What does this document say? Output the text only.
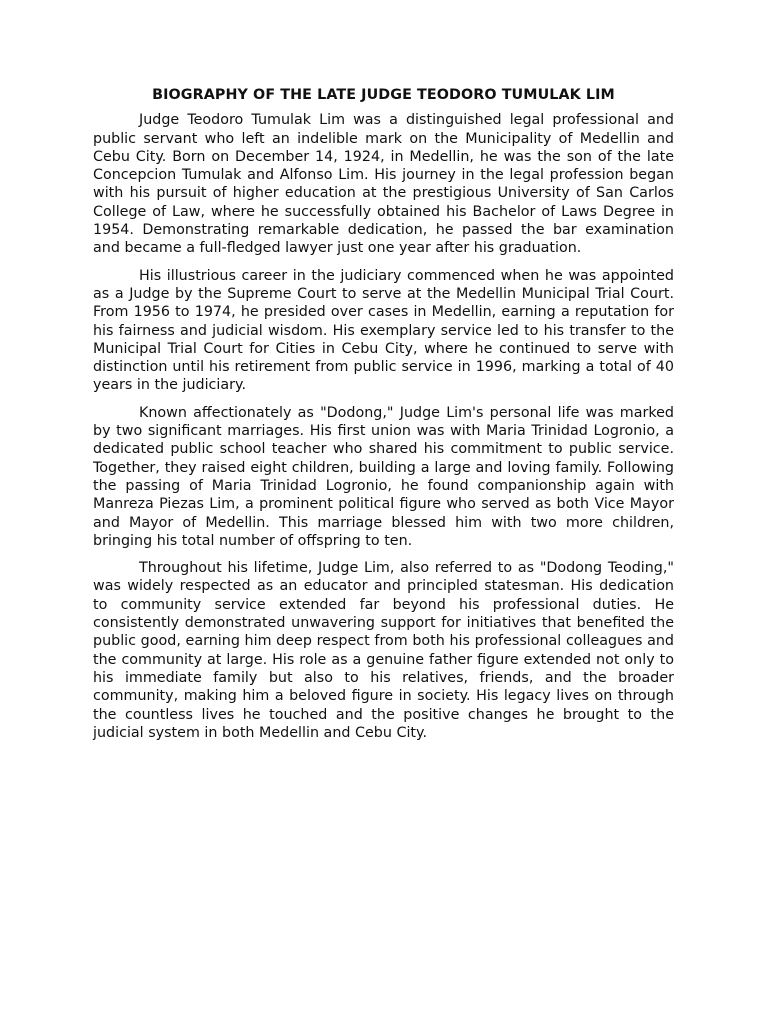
BIOGRAPHY OF THE LATE JUDGE TEODORO TUMULAK LIM

Judge Teodoro Tumulak Lim was a distinguished legal professional and public servant who left an indelible mark on the Municipality of Medellin and Cebu City. Born on December 14, 1924, in Medellin, he was the son of the late Concepcion Tumulak and Alfonso Lim. His journey in the legal profession began with his pursuit of higher education at the prestigious University of San Carlos College of Law, where he successfully obtained his Bachelor of Laws Degree in 1954. Demonstrating remarkable dedication, he passed the bar examination and became a full-fledged lawyer just one year after his graduation.

His illustrious career in the judiciary commenced when he was appointed as a Judge by the Supreme Court to serve at the Medellin Municipal Trial Court. From 1956 to 1974, he presided over cases in Medellin, earning a reputation for his fairness and judicial wisdom. His exemplary service led to his transfer to the Municipal Trial Court for Cities in Cebu City, where he continued to serve with distinction until his retirement from public service in 1996, marking a total of 40 years in the judiciary.

Known affectionately as "Dodong," Judge Lim's personal life was marked by two significant marriages. His first union was with Maria Trinidad Logronio, a dedicated public school teacher who shared his commitment to public service. Together, they raised eight children, building a large and loving family. Following the passing of Maria Trinidad Logronio, he found companionship again with Manreza Piezas Lim, a prominent political figure who served as both Vice Mayor and Mayor of Medellin. This marriage blessed him with two more children, bringing his total number of offspring to ten.

Throughout his lifetime, Judge Lim, also referred to as "Dodong Teoding," was widely respected as an educator and principled statesman. His dedication to community service extended far beyond his professional duties. He consistently demonstrated unwavering support for initiatives that benefited the public good, earning him deep respect from both his professional colleagues and the community at large. His role as a genuine father figure extended not only to his immediate family but also to his relatives, friends, and the broader community, making him a beloved figure in society. His legacy lives on through the countless lives he touched and the positive changes he brought to the judicial system in both Medellin and Cebu City.
